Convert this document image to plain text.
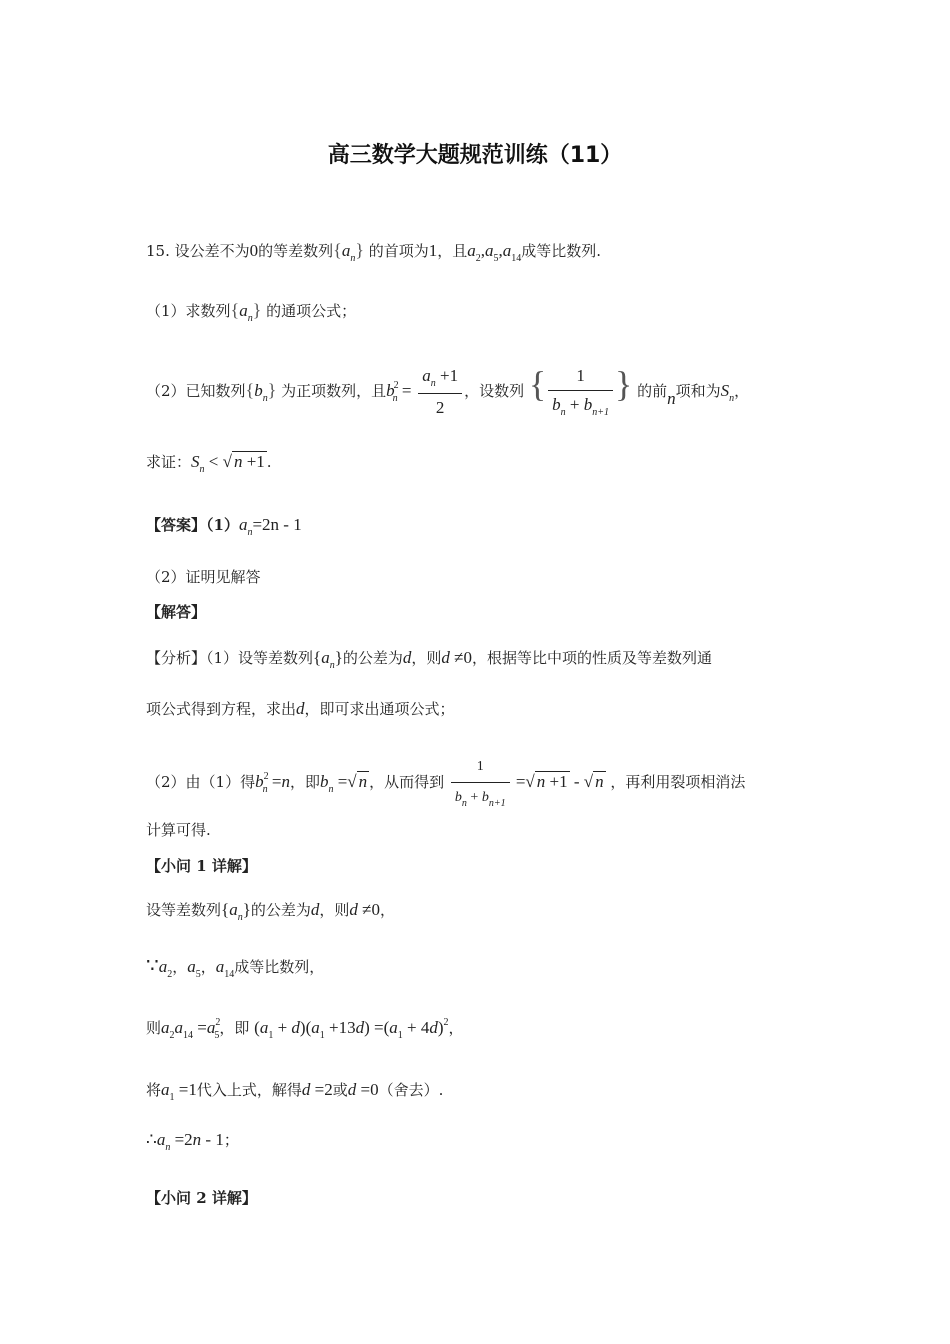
高三数学大题规范训练（11）
15. 设公差不为0的等差数列$\{a_n\}$ 的首项为1，且$a_2,a_5,a_{14}$成等比数列.
（1）求数列$\{a_n\}$ 的通项公式；
（2）已知数列$\{b_n\}$ 为正项数列，且$b^2_n = \frac{a_n +1}{2}$ ，设数列 { $\frac{1}{b_n + b_{n+1}}$ } 的前n项和为$S_n$，
求证：$S_n$ < √ n +1 .
【答案】$(1)a_n=2n - 1$
（2）证明见解答
【解答】
【分析】（1）设等差数列$\{a_n\}$的公差为d，则d ≠0，根据等比中项的性质及等差数列通
项公式得到方程，求出d，即可求出通项公式；
（2）由（1）得$b^2_n =n$，即$b_n$ =√ n ，从而得到 $\frac{1}{b_n + b_{n+1}}$ =√ n +1 - √ n ，再利用裂项相消法
计算可得.
【小问 1 详解】
设等差数列$\{a_n\}$的公差为d，则d ≠0，
$\because a_2$，$a_5$，$a_{14}$成等比数列，
则$a_2a_{14} =a^2_5$，即 $(a_1 + d)(a_1 +13d) =(a_1 + 4d)^2$，
将$a_1 =1$代入上式，解得d =2或d =0（舍去）.
$\therefore a_n =2n - 1$；
【小问 2 详解】
